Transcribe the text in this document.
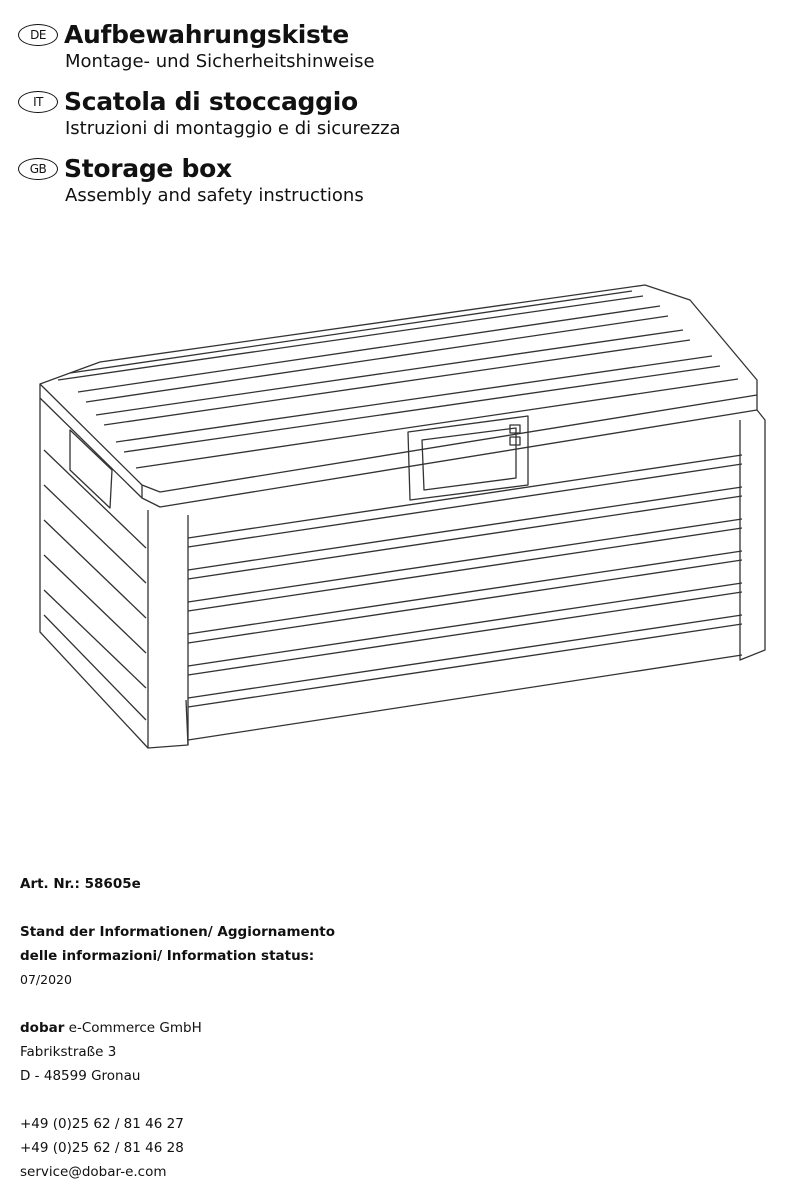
DE Aufbewahrungskiste
Montage- und Sicherheitshinweise
IT Scatola di stoccaggio
Istruzioni di montaggio e di sicurezza
GB Storage box
Assembly and safety instructions
Art. Nr.: 58605e
Stand der Informationen/ Aggiornamento
delle informazioni/ Information status:
07/2020
dobar e-Commerce GmbH
Fabrikstraße 3
D - 48599 Gronau
+49 (0)25 62 / 81 46 27
+49 (0)25 62 / 81 46 28
service@dobar-e.com
